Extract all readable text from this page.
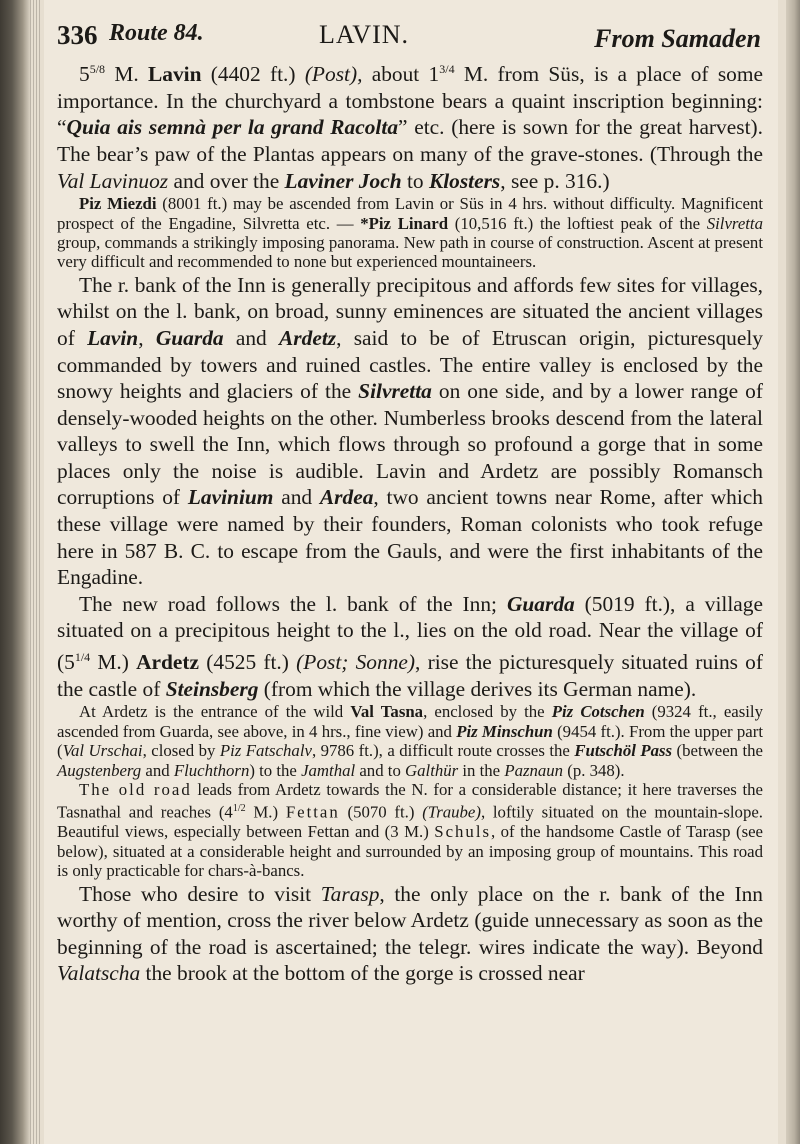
336 Route 84.	LAVIN.	From Samaden

$5^{5/8}$ M. Lavin (4402 ft.) (Post), about $1^{3/4}$ M. from Süs, is a place of some importance. In the churchyard a tombstone bears a quaint inscription beginning: “Quia ais semnà per la grand Racolta” etc. (here is sown for the great harvest). The bear’s paw of the Plantas appears on many of the grave-stones. (Through the Val Lavinuoz and over the Laviner Joch to Klosters, see p. 316.)

Piz Miezdi (8001 ft.) may be ascended from Lavin or Süs in 4 hrs. without difficulty. Magnificent prospect of the Engadine, Silvretta etc. — *Piz Linard (10,516 ft.) the loftiest peak of the Silvretta group, commands a strikingly imposing panorama. New path in course of construction. Ascent at present very difficult and recommended to none but experienced mountaineers.

The r. bank of the Inn is generally precipitous and affords few sites for villages, whilst on the l. bank, on broad, sunny eminences are situated the ancient villages of Lavin, Guarda and Ardetz, said to be of Etruscan origin, picturesquely commanded by towers and ruined castles. The entire valley is enclosed by the snowy heights and glaciers of the Silvretta on one side, and by a lower range of densely-wooded heights on the other. Numberless brooks descend from the lateral valleys to swell the Inn, which flows through so profound a gorge that in some places only the noise is audible. Lavin and Ardetz are possibly Romansch corruptions of Lavinium and Ardea, two ancient towns near Rome, after which these village were named by their founders, Roman colonists who took refuge here in 587 B. C. to escape from the Gauls, and were the first inhabitants of the Engadine.

The new road follows the l. bank of the Inn; Guarda (5019 ft.), a village situated on a precipitous height to the l., lies on the old road. Near the village of ($5^{1/4}$ M.) Ardetz (4525 ft.) (Post; Sonne), rise the picturesquely situated ruins of the castle of Steinsberg (from which the village derives its German name).

At Ardetz is the entrance of the wild Val Tasna, enclosed by the Piz Cotschen (9324 ft., easily ascended from Guarda, see above, in 4 hrs., fine view) and Piz Minschun (9454 ft.). From the upper part (Val Urschai, closed by Piz Fatschalv, 9786 ft.), a difficult route crosses the Futschöl Pass (between the Augstenberg and Fluchthorn) to the Jamthal and to Galthür in the Paznaun (p. 348).

The old road leads from Ardetz towards the N. for a considerable distance; it here traverses the Tasnathal and reaches ($4^{1/2}$ M.) Fettan (5070 ft.) (Traube), loftily situated on the mountain-slope. Beautiful views, especially between Fettan and (3 M.) Schuls, of the handsome Castle of Tarasp (see below), situated at a considerable height and surrounded by an imposing group of mountains. This road is only practicable for chars-à-bancs.

Those who desire to visit Tarasp, the only place on the r. bank of the Inn worthy of mention, cross the river below Ardetz (guide unnecessary as soon as the beginning of the road is ascertained; the telegr. wires indicate the way). Beyond Valatscha the brook at the bottom of the gorge is crossed near
